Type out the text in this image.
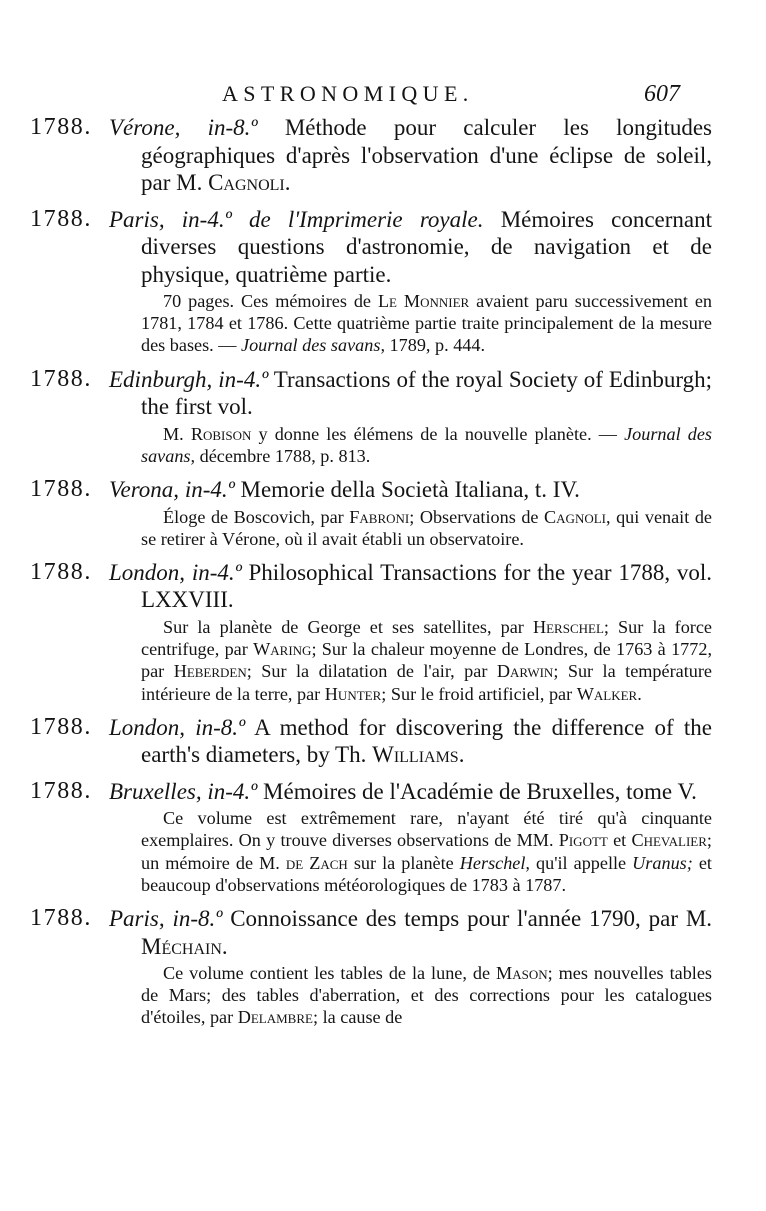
ASTRONOMIQUE.	607
1788. Vérone, in-8.º Méthode pour calculer les longitudes géographiques d'après l'observation d'une éclipse de soleil, par M. Cagnoli.

1788. Paris, in-4.º de l'Imprimerie royale. Mémoires concernant diverses questions d'astronomie, de navigation et de physique, quatrième partie.

70 pages. Ces mémoires de Le Monnier avaient paru successivement en 1781, 1784 et 1786. Cette quatrième partie traite principalement de la mesure des bases. — Journal des savans, 1789, p. 444.

1788. Edinburgh, in-4.º Transactions of the royal Society of Edinburgh; the first vol.

M. Robison y donne les élémens de la nouvelle planète. — Journal des savans, décembre 1788, p. 813.

1788. Verona, in-4.º Memorie della Società Italiana, t. IV.

Éloge de Boscovich, par Fabroni; Observations de Cagnoli, qui venait de se retirer à Vérone, où il avait établi un observatoire.

1788. London, in-4.º Philosophical Transactions for the year 1788, vol. LXXVIII.

Sur la planète de George et ses satellites, par Herschel; Sur la force centrifuge, par Waring; Sur la chaleur moyenne de Londres, de 1763 à 1772, par Heberden; Sur la dilatation de l'air, par Darwin; Sur la température intérieure de la terre, par Hunter; Sur le froid artificiel, par Walker.

1788. London, in-8.º A method for discovering the difference of the earth's diameters, by Th. Williams.

1788. Bruxelles, in-4.º Mémoires de l'Académie de Bruxelles, tome V.

Ce volume est extrêmement rare, n'ayant été tiré qu'à cinquante exemplaires. On y trouve diverses observations de MM. Pigott et Chevalier; un mémoire de M. de Zach sur la planète Herschel, qu'il appelle Uranus; et beaucoup d'observations météorologiques de 1783 à 1787.

1788. Paris, in-8.º Connoissance des temps pour l'année 1790, par M. Méchain.

Ce volume contient les tables de la lune, de Mason; mes nouvelles tables de Mars; des tables d'aberration, et des corrections pour les catalogues d'étoiles, par Delambre; la cause de
